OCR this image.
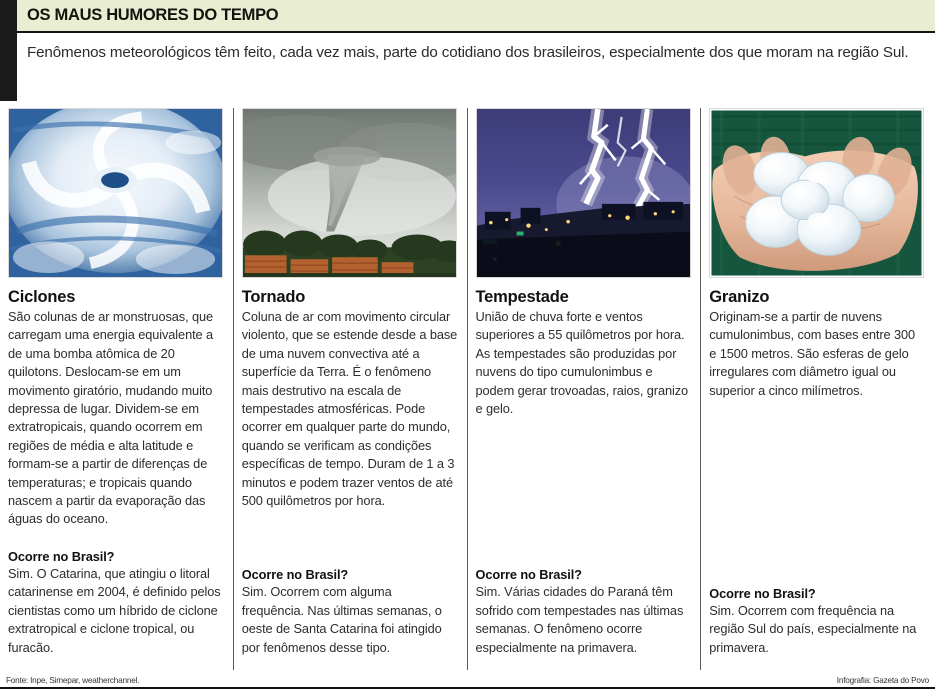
OS MAUS HUMORES DO TEMPO
Fenômenos meteorológicos têm feito, cada vez mais, parte do cotidiano dos brasileiros, especialmente dos que moram na região Sul.
Ciclones
São colunas de ar monstruosas, que carregam uma energia equivalente a de uma bomba atômica de 20 quilotons. Deslocam-se em um movimento giratório, mudando muito depressa de lugar. Dividem-se em extratropicais, quando ocorrem em regiões de média e alta latitude e formam-se a partir de diferenças de temperaturas; e tropicais quando nascem a partir da evaporação das águas do oceano.
Ocorre no Brasil?
Sim. O Catarina, que atingiu o litoral catarinense em 2004, é definido pelos cientistas como um híbrido de ciclone extratropical e ciclone tropical, ou furacão.
Tornado
Coluna de ar com movimento circular violento, que se estende desde a base de uma nuvem convectiva até a superfície da Terra. É o fenômeno mais destrutivo na escala de tempestades atmosféricas. Pode ocorrer em qualquer parte do mundo, quando se verificam as condições específicas de tempo. Duram de 1 a 3 minutos e podem trazer ventos de até 500 quilômetros por hora.
Ocorre no Brasil?
Sim. Ocorrem com alguma frequência. Nas últimas semanas, o oeste de Santa Catarina foi atingido por fenômenos desse tipo.
Tempestade
União de chuva forte e ventos superiores a 55 quilômetros por hora. As tempestades são produzidas por nuvens do tipo cumulonimbus e podem gerar trovoadas, raios, granizo e gelo.
Ocorre no Brasil?
Sim. Várias cidades do Paraná têm sofrido com tempestades nas últimas semanas. O fenômeno ocorre especialmente na primavera.
Granizo
Originam-se a partir de nuvens cumulonimbus, com bases entre 300 e 1500 metros. São esferas de gelo irregulares com diâmetro igual ou superior a cinco milímetros.
Ocorre no Brasil?
Sim. Ocorrem com frequência na região Sul do país, especialmente na primavera.
Fonte: Inpe, Simepar, weatherchannel.	Infografia: Gazeta do Povo
